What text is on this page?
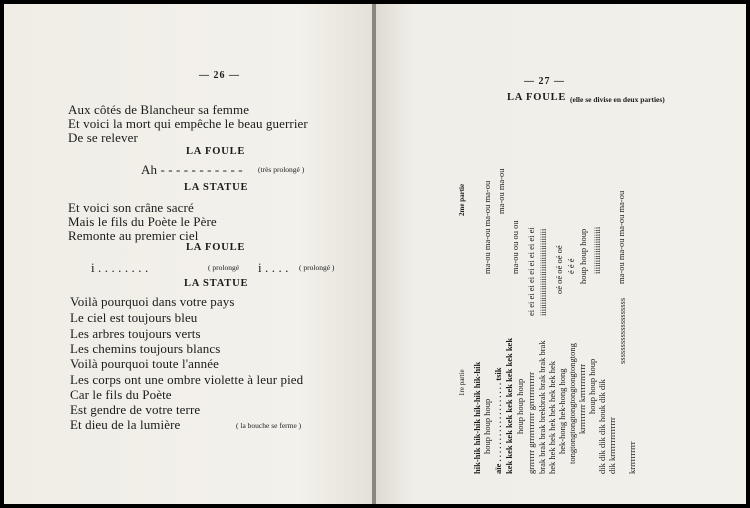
— 26 —
Aux côtés de Blancheur sa femme
Et voici la mort qui empêche le beau guerrier
De se relever
LA FOULE
Ah - - - - - - - - - - - (très prolongé )
LA STATUE
Et voici son crâne sacré
Mais le fils du Poète le Père
Remonte au premier ciel
LA FOULE
i . . . . . . . .	( prolongé i . . . . ( prolongé )
LA STATUE
Voilà pourquoi dans votre pays
Le ciel est toujours bleu
Les arbres toujours verts
Les chemins toujours blancs
Voilà pourquoi toute l'année
Les corps ont une ombre violette à leur pied
Car le fils du Poète
Est gendre de votre terre
Et dieu de la lumière	( la bouche se ferme )
— 27 —
LA FOULE (elle se divise en deux parties)
1re partie hik-hik hik-hik hik-hik hik-hik houp houp houp aïe . . . . . . . . . . . . . . . . . . . tsik kek kek kek kek kek kek kek kek kek houp houp houp grrrrrrr grrrrrrrrrrr grrrrrrrrrrrr brak brak brak brekbrak brak brak brak hek hek hek hek hek hek hek hek hek-hong hek-hong hong tongtongtongtongtongtongtongtong krrrrrrrrr krrrrrrrrrrrr houp houp houp dik dik dik dik houk dik dik dik krrrrrrrrrrrrrr
ssssssssssssssssssss
krrrrrrrrrr
2me partie ma-ou ma-ou ma-ou ma-ou ma-ou ma-ou
ma-ou ou ou ou ei ei ei ei ei ei ei ei ei ei ei iiiiiiiiiiiiiiiiiiiiiiiiiiiiiiiiiiiii oé oé oé oé oé é é é houp houp houp iiiiiiiiiiiiiiiiiiii ma-ou ma-ou ma-ou ma-ou
